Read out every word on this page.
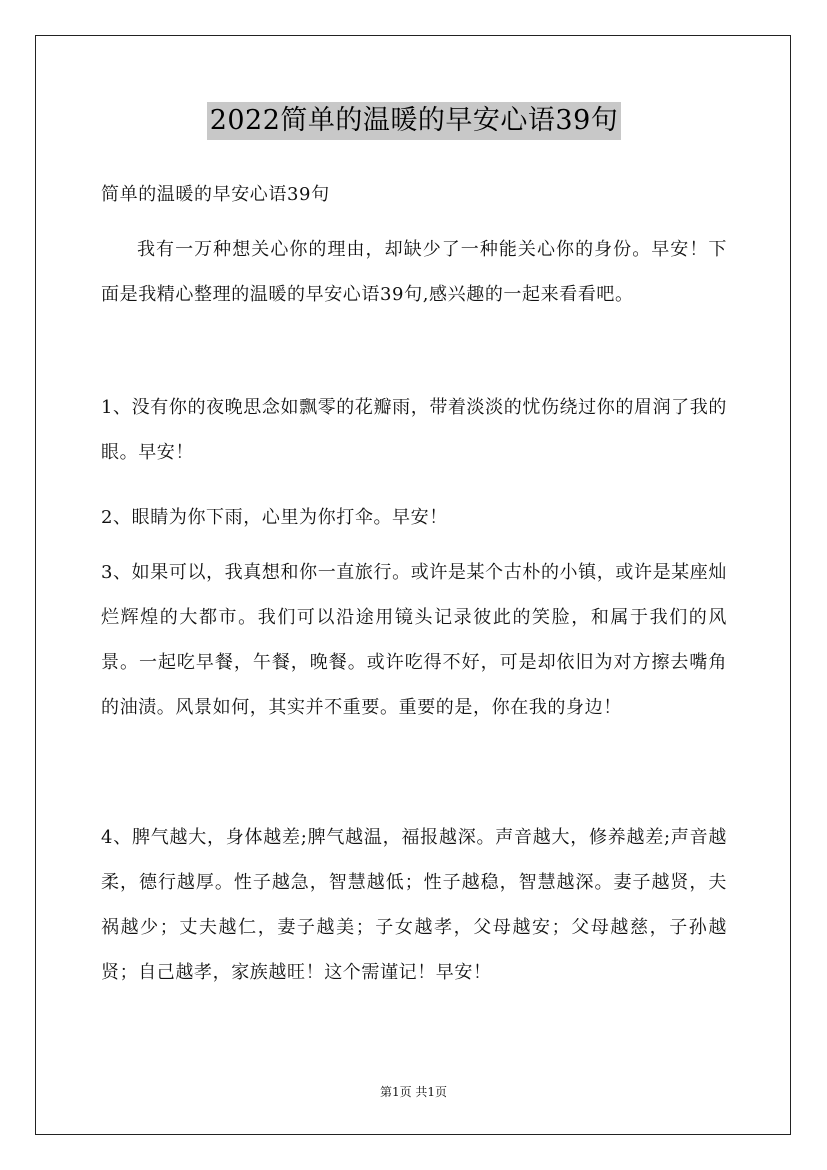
2022简单的温暖的早安心语39句

简单的温暖的早安心语39句

我有一万种想关心你的理由，却缺少了一种能关心你的身份。早安！下面是我精心整理的温暖的早安心语39句,感兴趣的一起来看看吧。

1、没有你的夜晚思念如飘零的花瓣雨，带着淡淡的忧伤绕过你的眉润了我的眼。早安！

2、眼睛为你下雨，心里为你打伞。早安！

3、如果可以，我真想和你一直旅行。或许是某个古朴的小镇，或许是某座灿烂辉煌的大都市。我们可以沿途用镜头记录彼此的笑脸，和属于我们的风景。一起吃早餐，午餐，晚餐。或许吃得不好，可是却依旧为对方擦去嘴角的油渍。风景如何，其实并不重要。重要的是，你在我的身边！

4、脾气越大，身体越差;脾气越温，福报越深。声音越大，修养越差;声音越柔，德行越厚。性子越急，智慧越低；性子越稳，智慧越深。妻子越贤，夫祸越少；丈夫越仁，妻子越美；子女越孝，父母越安；父母越慈，子孙越贤；自己越孝，家族越旺！这个需谨记！早安！

第1页 共1页
